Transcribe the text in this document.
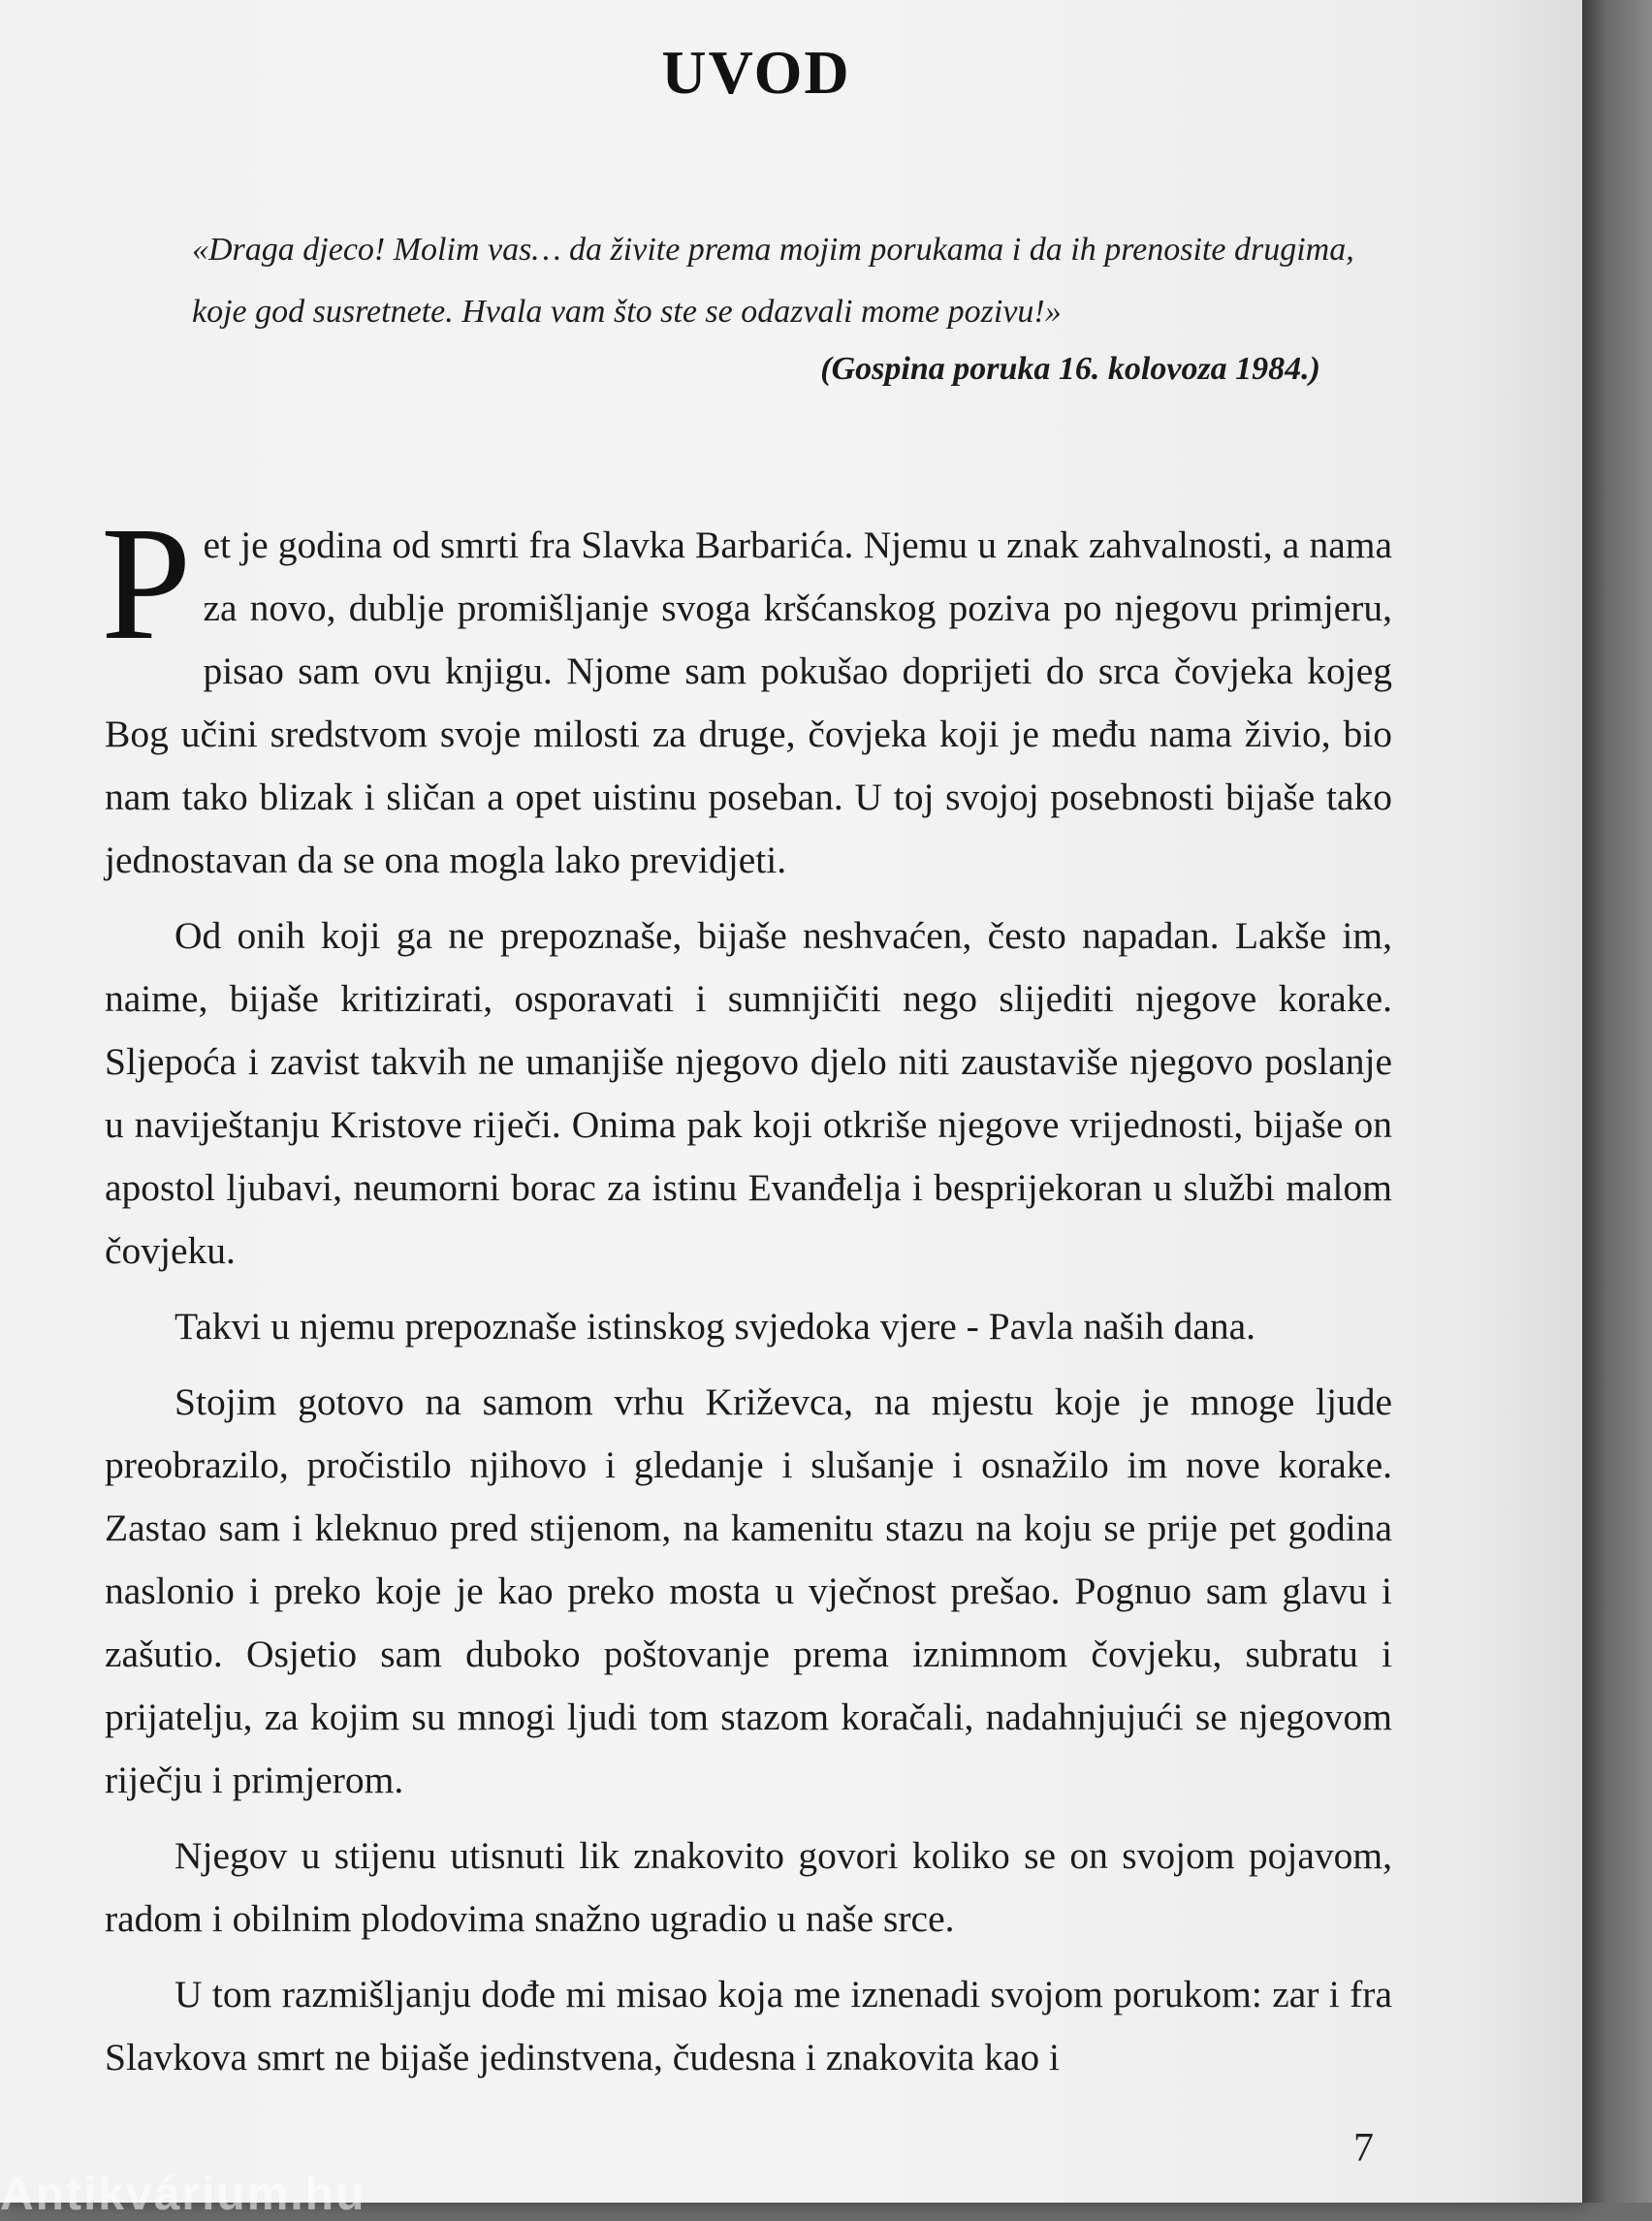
UVOD

«Draga djeco! Molim vas… da živite prema mojim porukama i da ih prenosite drugima, koje god susretnete. Hvala vam što ste se odazvali mome pozivu!»

(Gospina poruka 16. kolovoza 1984.)

Pet je godina od smrti fra Slavka Barbarića. Njemu u znak zahvalnosti, a nama za novo, dublje promišljanje svoga kršćanskog poziva po njegovu primjeru, pisao sam ovu knjigu. Njome sam pokušao doprijeti do srca čovjeka kojeg Bog učini sredstvom svoje milosti za druge, čovjeka koji je među nama živio, bio nam tako blizak i sličan a opet uistinu poseban. U toj svojoj posebnosti bijaše tako jednostavan da se ona mogla lako previdjeti.

Od onih koji ga ne prepoznaše, bijaše neshvaćen, često napadan. Lakše im, naime, bijaše kritizirati, osporavati i sumnjičiti nego slijediti njegove korake. Sljepoća i zavist takvih ne umanjiše njegovo djelo niti zaustaviše njegovo poslanje u naviještanju Kristove riječi. Onima pak koji otkriše njegove vrijednosti, bijaše on apostol ljubavi, neumorni borac za istinu Evanđelja i besprijekoran u službi malom čovjeku.

Takvi u njemu prepoznaše istinskog svjedoka vjere - Pavla naših dana.

Stojim gotovo na samom vrhu Križevca, na mjestu koje je mnoge ljude preobrazilo, pročistilo njihovo i gledanje i slušanje i osnažilo im nove korake. Zastao sam i kleknuo pred stijenom, na kamenitu stazu na koju se prije pet godina naslonio i preko koje je kao preko mosta u vječnost prešao. Pognuo sam glavu i zašutio. Osjetio sam duboko poštovanje prema iznimnom čovjeku, subratu i prijatelju, za kojim su mnogi ljudi tom stazom koračali, nadahnjujući se njegovom riječju i primjerom.

Njegov u stijenu utisnuti lik znakovito govori koliko se on svojom pojavom, radom i obilnim plodovima snažno ugradio u naše srce.

U tom razmišljanju dođe mi misao koja me iznenadi svojom porukom: zar i fra Slavkova smrt ne bijaše jedinstvena, čudesna i znakovita kao i

7
Antikvárium.hu
